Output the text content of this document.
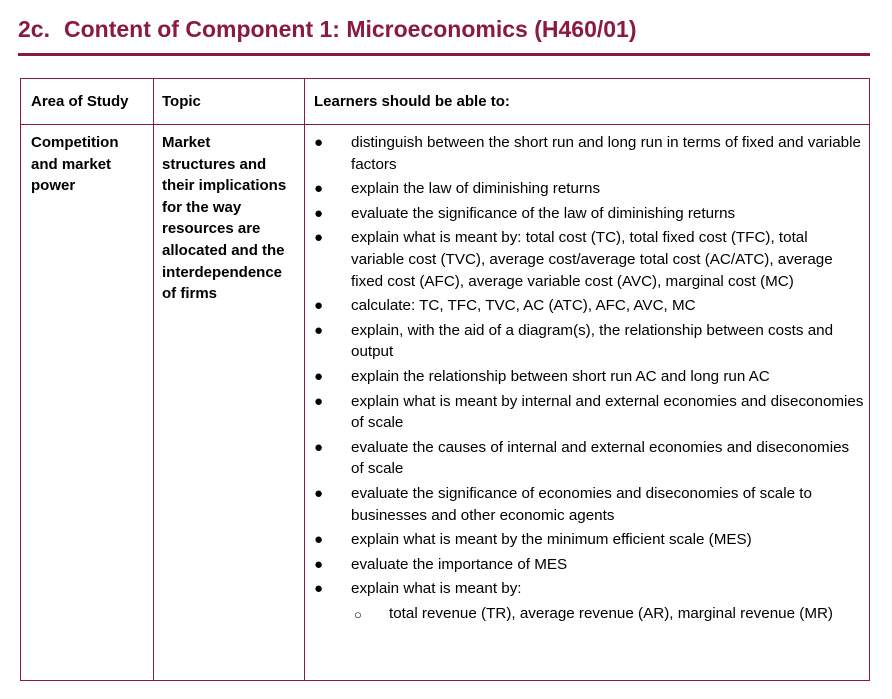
2c. Content of Component 1: Microeconomics (H460/01)
Area of Study Topic	Learners should be able to:
Competition
and market
power
Market
structures and
their implications
for the way
resources are
allocated and the
interdependence
of firms
● distinguish between the short run and long run in terms of fixed and variable factors
● explain the law of diminishing returns
● evaluate the significance of the law of diminishing returns
● explain what is meant by: total cost (TC), total fixed cost (TFC), total variable cost (TVC), average cost/average total cost (AC/ATC), average fixed cost (AFC), average variable cost (AVC), marginal cost (MC)
● calculate: TC, TFC, TVC, AC (ATC), AFC, AVC, MC
● explain, with the aid of a diagram(s), the relationship between costs and output
● explain the relationship between short run AC and long run AC
● explain what is meant by internal and external economies and diseconomies of scale
● evaluate the causes of internal and external economies and diseconomies of scale
● evaluate the significance of economies and diseconomies of scale to businesses and other economic agents
● explain what is meant by the minimum efficient scale (MES)
● evaluate the importance of MES
● explain what is meant by:
○ total revenue (TR), average revenue (AR), marginal revenue (MR)
